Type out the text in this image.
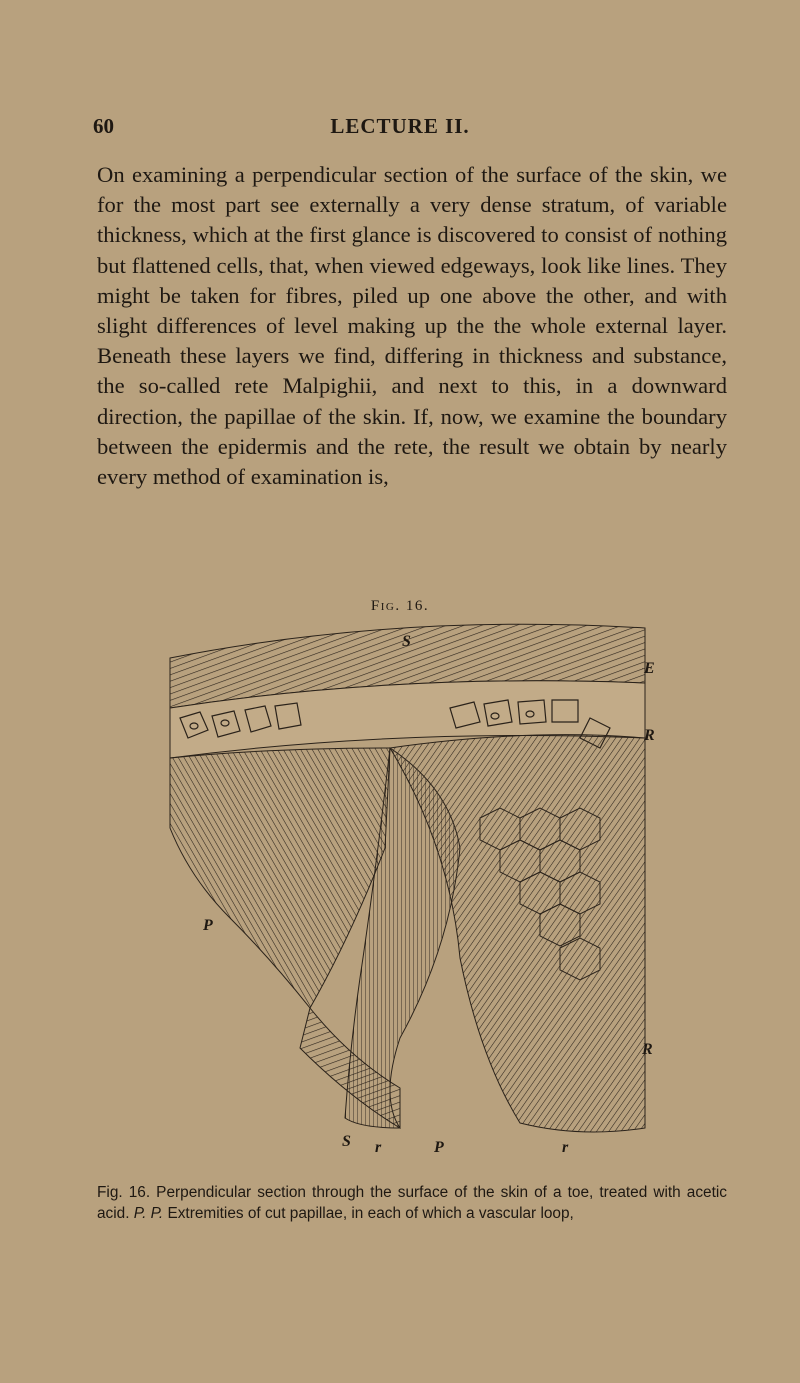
60	LECTURE II.

On examining a perpendicular section of the surface of the skin, we for the most part see externally a very dense stratum, of variable thickness, which at the first glance is discovered to consist of nothing but flattened cells, that, when viewed edgeways, look like lines. They might be taken for fibres, piled up one above the other, and with slight differences of level making up the the whole external layer. Beneath these layers we find, differing in thickness and substance, the so-called rete Malpighii, and next to this, in a downward direction, the papillae of the skin. If, now, we examine the boundary between the epidermis and the rete, the result we obtain by nearly every method of examination is,

Fig. 16.
S
E
R
P
R
S r	P	r

Fig. 16. Perpendicular section through the surface of the skin of a toe, treated with acetic acid. P. P. Extremities of cut papillae, in each of which a vascular loop,
